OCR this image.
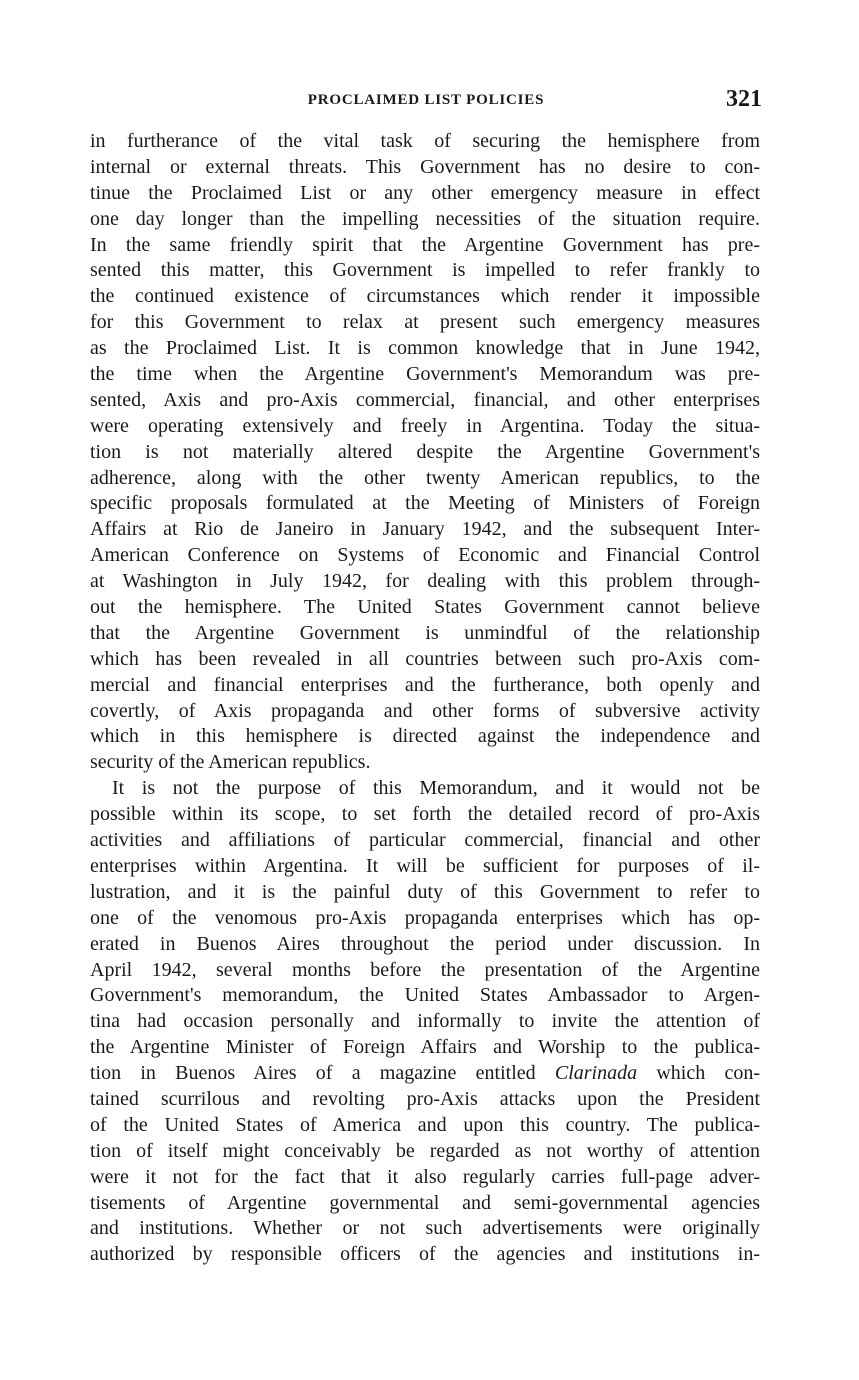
PROCLAIMED LIST POLICIES	321
in furtherance of the vital task of securing the hemisphere from
internal or external threats. This Government has no desire to con-
tinue the Proclaimed List or any other emergency measure in effect
one day longer than the impelling necessities of the situation require.
In the same friendly spirit that the Argentine Government has pre-
sented this matter, this Government is impelled to refer frankly to
the continued existence of circumstances which render it impossible
for this Government to relax at present such emergency measures
as the Proclaimed List. It is common knowledge that in June 1942,
the time when the Argentine Government's Memorandum was pre-
sented, Axis and pro-Axis commercial, financial, and other enterprises
were operating extensively and freely in Argentina. Today the situa-
tion is not materially altered despite the Argentine Government's
adherence, along with the other twenty American republics, to the
specific proposals formulated at the Meeting of Ministers of Foreign
Affairs at Rio de Janeiro in January 1942, and the subsequent Inter-
American Conference on Systems of Economic and Financial Control
at Washington in July 1942, for dealing with this problem through-
out the hemisphere. The United States Government cannot believe
that the Argentine Government is unmindful of the relationship
which has been revealed in all countries between such pro-Axis com-
mercial and financial enterprises and the furtherance, both openly and
covertly, of Axis propaganda and other forms of subversive activity
which in this hemisphere is directed against the independence and
security of the American republics.
It is not the purpose of this Memorandum, and it would not be
possible within its scope, to set forth the detailed record of pro-Axis
activities and affiliations of particular commercial, financial and other
enterprises within Argentina. It will be sufficient for purposes of il-
lustration, and it is the painful duty of this Government to refer to
one of the venomous pro-Axis propaganda enterprises which has op-
erated in Buenos Aires throughout the period under discussion. In
April 1942, several months before the presentation of the Argentine
Government's memorandum, the United States Ambassador to Argen-
tina had occasion personally and informally to invite the attention of
the Argentine Minister of Foreign Affairs and Worship to the publica-
tion in Buenos Aires of a magazine entitled Clarinada which con-
tained scurrilous and revolting pro-Axis attacks upon the President
of the United States of America and upon this country. The publica-
tion of itself might conceivably be regarded as not worthy of attention
were it not for the fact that it also regularly carries full-page adver-
tisements of Argentine governmental and semi-governmental agencies
and institutions. Whether or not such advertisements were originally
authorized by responsible officers of the agencies and institutions in-
